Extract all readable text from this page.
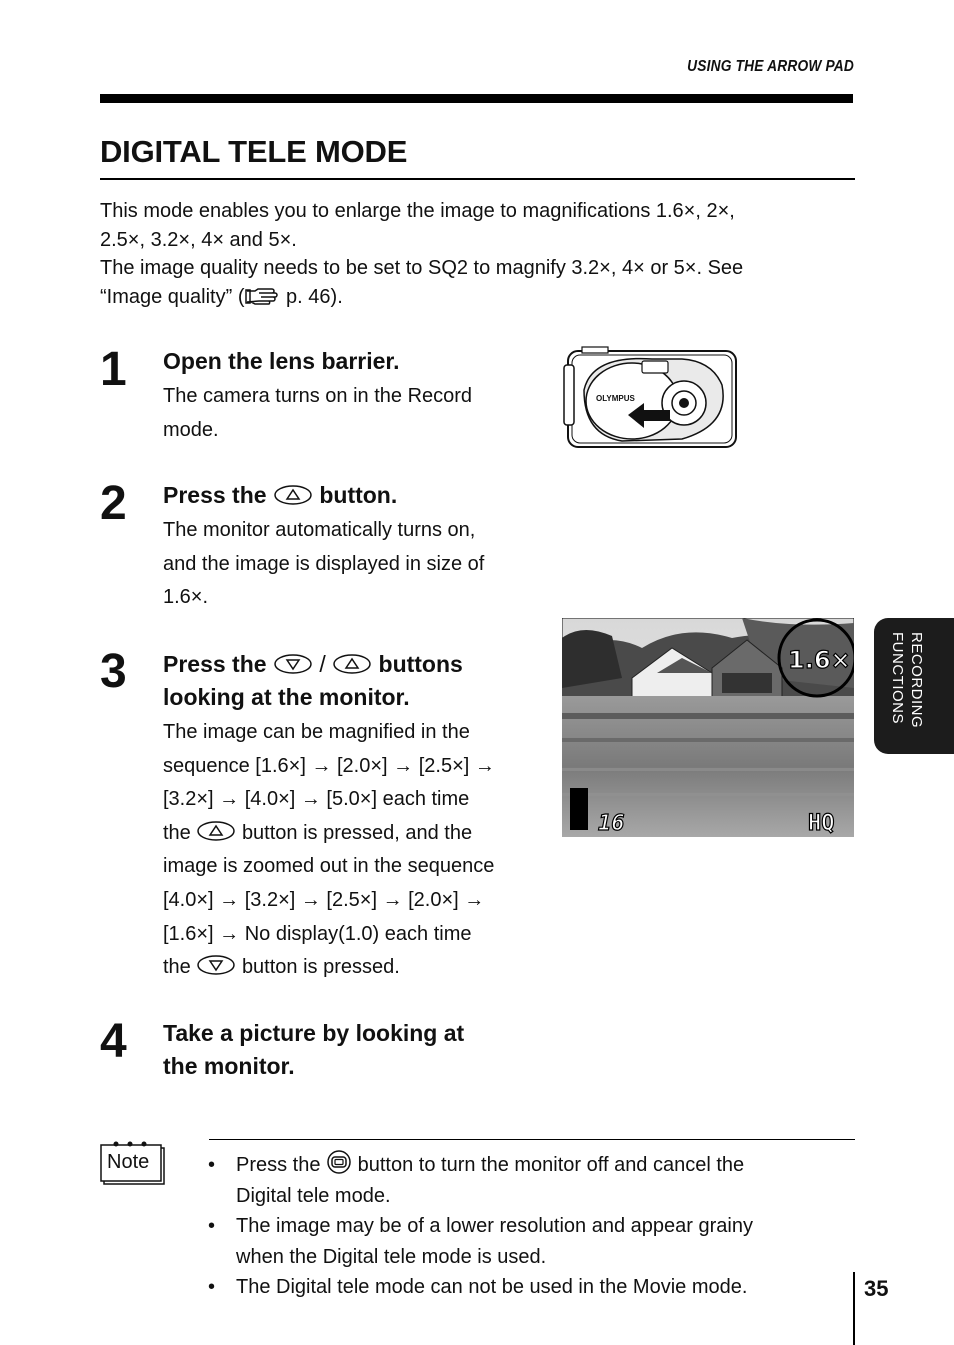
USING THE ARROW PAD
DIGITAL TELE MODE
This mode enables you to enlarge the image to magnifications 1.6×, 2×,
2.5×, 3.2×, 4× and 5×.
The image quality needs to be set to SQ2 to magnify 3.2×, 4× or 5×. See
“Image quality” ( p. 46).
1 Open the lens barrier.
The camera turns on in the Record
mode.
OLYMPUS
2 Press the button.
The monitor automatically turns on,
and the image is displayed in size of
1.6×.
1.6×
16	HQ
RECORDING
FUNCTIONS
3 Press the / buttons
looking at the monitor.
The image can be magnified in the
sequence [1.6×] → [2.0×] → [2.5×] →
[3.2×] → [4.0×] → [5.0×] each time
the	button is pressed, and the
image is zoomed out in the sequence
[4.0×] → [3.2×] → [2.5×] → [2.0×] →
[1.6×] → No display(1.0) each time
the	button is pressed.
4 Take a picture by looking at
the monitor.
Note	• Press the button to turn the monitor off and cancel the
Digital tele mode.
• The image may be of a lower resolution and appear grainy
when the Digital tele mode is used.
• The Digital tele mode can not be used in the Movie mode.	35
